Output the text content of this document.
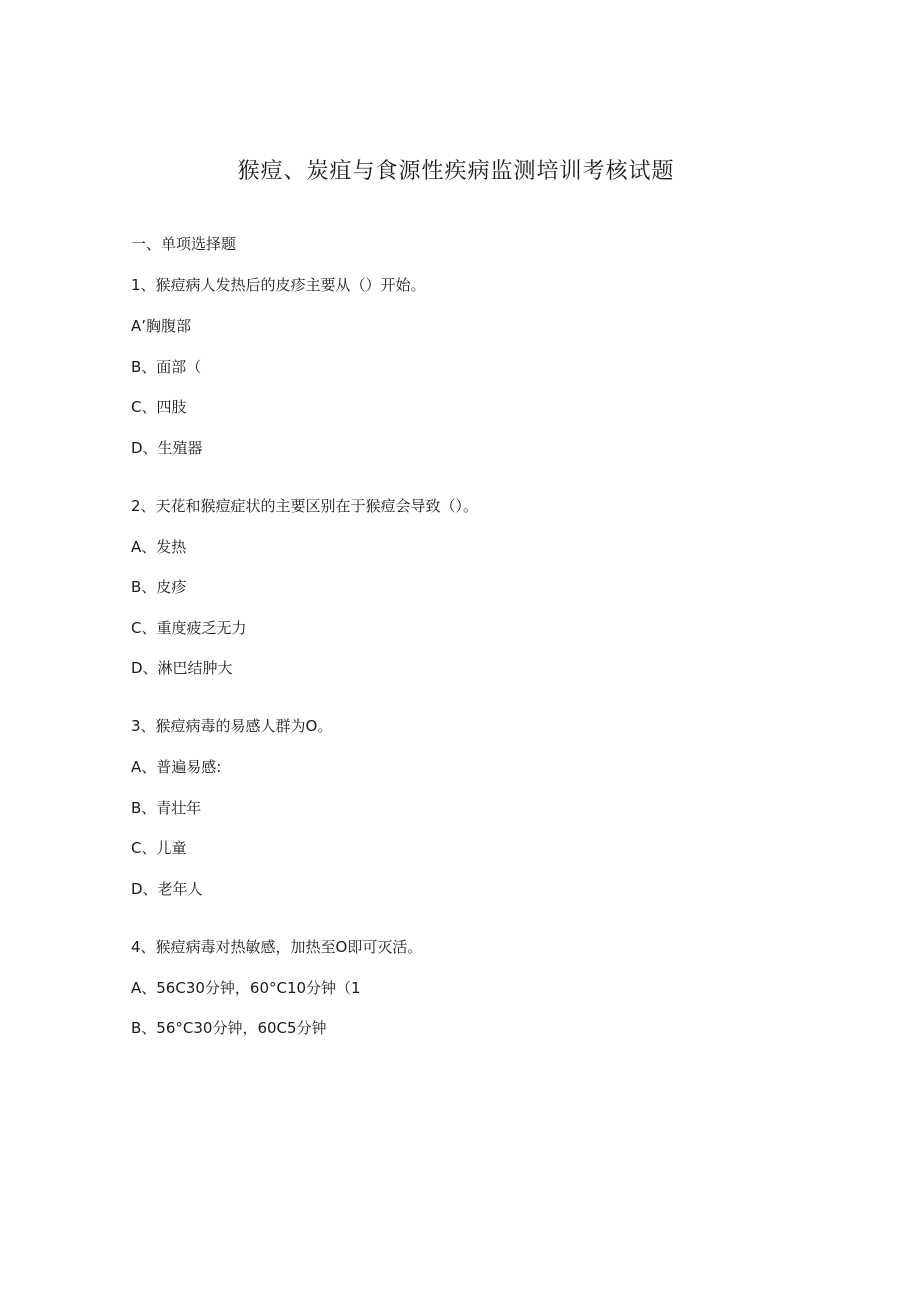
猴痘、炭疽与食源性疾病监测培训考核试题
一、单项选择题
1、猴痘病人发热后的皮疹主要从（）开始。
A’胸腹部
B、面部（
C、四肢
D、生殖器
2、天花和猴痘症状的主要区别在于猴痘会导致（）。
A、发热
B、皮疹
C、重度疲乏无力
D、淋巴结肿大
3、猴痘病毒的易感人群为O。
A、普遍易感:
B、青壮年
C、儿童
D、老年人
4、猴痘病毒对热敏感，加热至O即可灭活。
A、56C30分钟，60°C10分钟（1
B、56°C30分钟，60C5分钟
